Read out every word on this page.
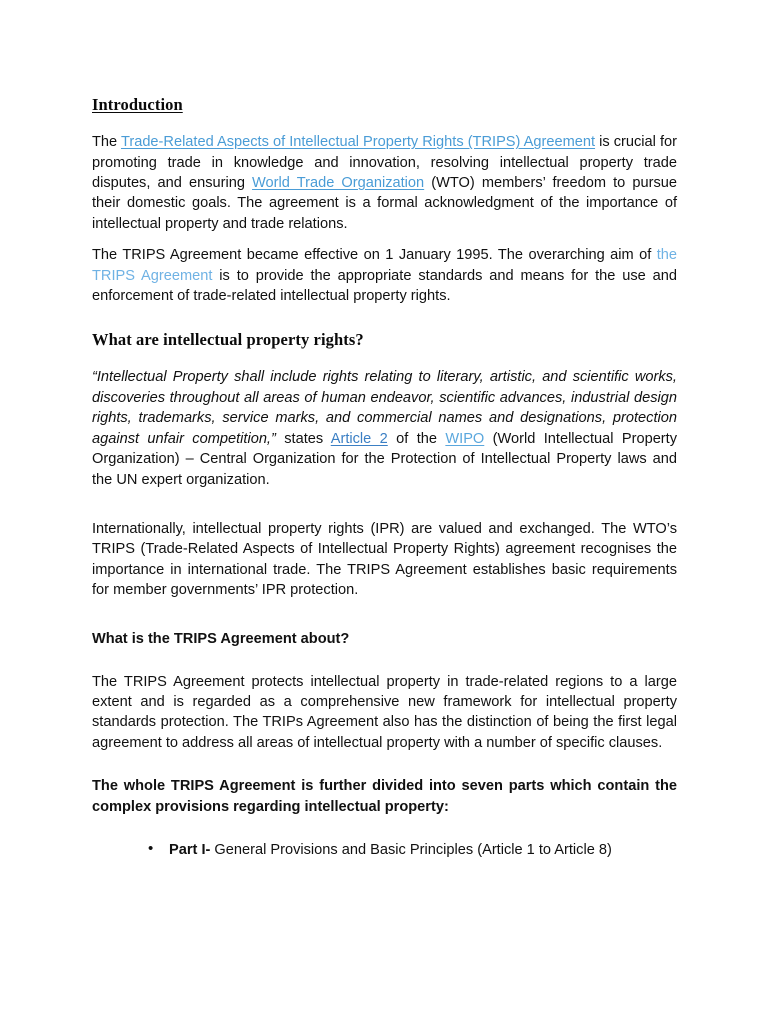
Introduction

The Trade-Related Aspects of Intellectual Property Rights (TRIPS) Agreement is crucial for promoting trade in knowledge and innovation, resolving intellectual property trade disputes, and ensuring World Trade Organization (WTO) members’ freedom to pursue their domestic goals. The agreement is a formal acknowledgment of the importance of intellectual property and trade relations.

The TRIPS Agreement became effective on 1 January 1995. The overarching aim of the TRIPS Agreement is to provide the appropriate standards and means for the use and enforcement of trade-related intellectual property rights.

What are intellectual property rights?

“Intellectual Property shall include rights relating to literary, artistic, and scientific works, discoveries throughout all areas of human endeavor, scientific advances, industrial design rights, trademarks, service marks, and commercial names and designations, protection against unfair competition,” states Article 2 of the WIPO (World Intellectual Property Organization) – Central Organization for the Protection of Intellectual Property laws and the UN expert organization.

Internationally, intellectual property rights (IPR) are valued and exchanged. The WTO’s TRIPS (Trade-Related Aspects of Intellectual Property Rights) agreement recognises the importance in international trade. The TRIPS Agreement establishes basic requirements for member governments’ IPR protection.

What is the TRIPS Agreement about?

The TRIPS Agreement protects intellectual property in trade-related regions to a large extent and is regarded as a comprehensive new framework for intellectual property standards protection. The TRIPs Agreement also has the distinction of being the first legal agreement to address all areas of intellectual property with a number of specific clauses.

The whole TRIPS Agreement is further divided into seven parts which contain the complex provisions regarding intellectual property:

• Part I- General Provisions and Basic Principles (Article 1 to Article 8)
